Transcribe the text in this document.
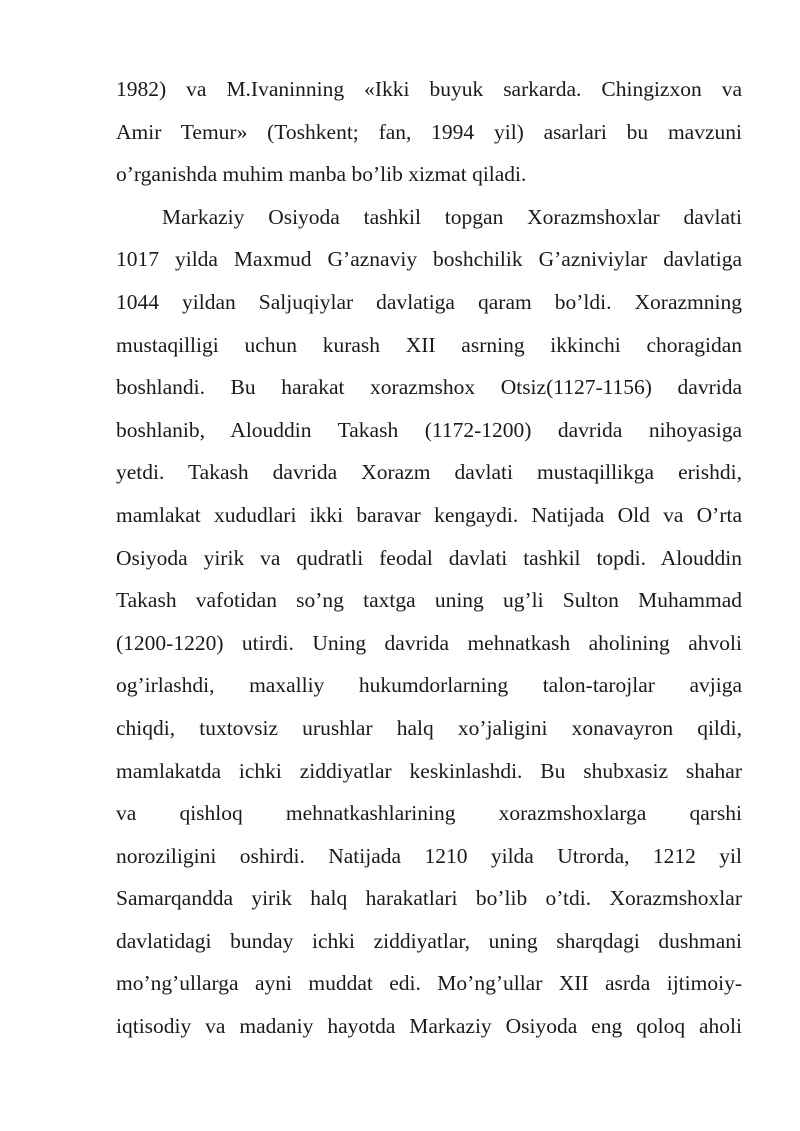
1982) va M.Ivaninning «Ikki buyuk sarkarda. Chingizxon va
Amir Temur» (Toshkent; fan, 1994 yil) asarlari bu mavzuni
o’rganishda muhim manba bo’lib xizmat qiladi.
Markaziy Osiyoda tashkil topgan Xorazmshoxlar davlati
1017 yilda Maxmud G’aznaviy boshchilik G’azniviylar davlatiga
1044 yildan Saljuqiylar davlatiga qaram bo’ldi. Xorazmning
mustaqilligi uchun kurash XII asrning ikkinchi choragidan
boshlandi. Bu harakat xorazmshox Otsiz(1127-1156) davrida
boshlanib, Alouddin Takash (1172-1200) davrida nihoyasiga
yetdi. Takash davrida Xorazm davlati mustaqillikga erishdi,
mamlakat xududlari ikki baravar kengaydi. Natijada Old va O’rta
Osiyoda yirik va qudratli feodal davlati tashkil topdi. Alouddin
Takash vafotidan so’ng taxtga uning ug’li Sulton Muhammad
(1200-1220) utirdi. Uning davrida mehnatkash aholining ahvoli
og’irlashdi, maxalliy hukumdorlarning talon-tarojlar avjiga
chiqdi, tuxtovsiz urushlar halq xo’jaligini xonavayron qildi,
mamlakatda ichki ziddiyatlar keskinlashdi. Bu shubxasiz shahar
va qishloq mehnatkashlarining xorazmshoxlarga qarshi
noroziligini oshirdi. Natijada 1210 yilda Utrorda, 1212 yil
Samarqandda yirik halq harakatlari bo’lib o’tdi. Xorazmshoxlar
davlatidagi bunday ichki ziddiyatlar, uning sharqdagi dushmani
mo’ng’ullarga ayni muddat edi. Mo’ng’ullar XII asrda ijtimoiy-
iqtisodiy va madaniy hayotda Markaziy Osiyoda eng qoloq aholi
